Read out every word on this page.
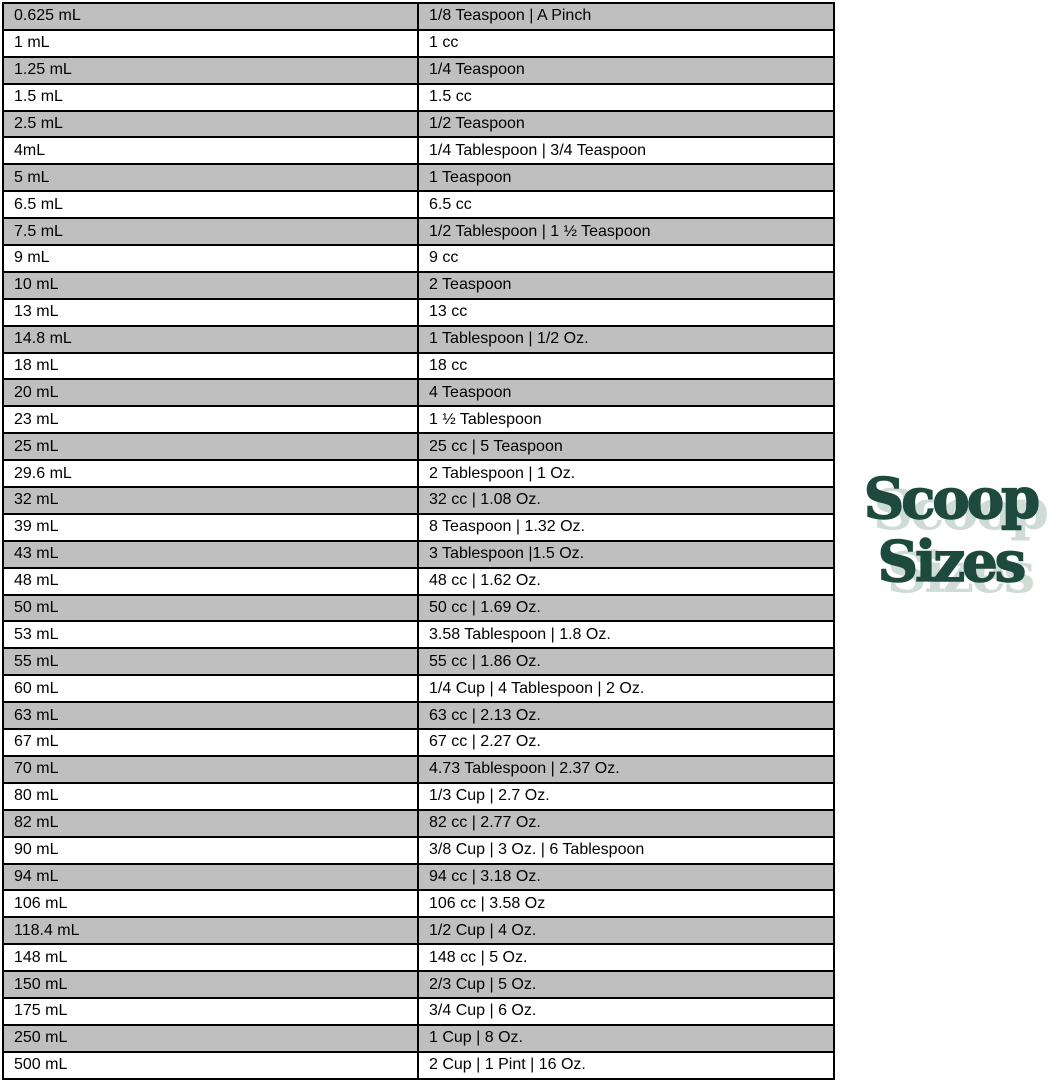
0.625 mL	1/8 Teaspoon | A Pinch
1 mL	1 cc
1.25 mL	1/4 Teaspoon
1.5 mL	1.5 cc
2.5 mL	1/2 Teaspoon
4mL	1/4 Tablespoon | 3/4 Teaspoon
5 mL	1 Teaspoon
6.5 mL	6.5 cc
7.5 mL	1/2 Tablespoon | 1 ½ Teaspoon
9 mL	9 cc
10 mL	2 Teaspoon
13 mL	13 cc
14.8 mL	1 Tablespoon | 1/2 Oz.
18 mL	18 cc
20 mL	4 Teaspoon
23 mL	1 ½ Tablespoon
25 mL	25 cc | 5 Teaspoon
29.6 mL	2 Tablespoon | 1 Oz.
32 mL	32 cc | 1.08 Oz.
39 mL	8 Teaspoon | 1.32 Oz.
43 mL	3 Tablespoon |1.5 Oz.
48 mL	48 cc | 1.62 Oz.
50 mL	50 cc | 1.69 Oz.
53 mL	3.58 Tablespoon | 1.8 Oz.
55 mL	55 cc | 1.86 Oz.
60 mL	1/4 Cup | 4 Tablespoon | 2 Oz.
63 mL	63 cc | 2.13 Oz.
67 mL	67 cc | 2.27 Oz.
70 mL	4.73 Tablespoon | 2.37 Oz.
80 mL	1/3 Cup | 2.7 Oz.
82 mL	82 cc | 2.77 Oz.
90 mL	3/8 Cup | 3 Oz. | 6 Tablespoon
94 mL	94 cc | 3.18 Oz.
106 mL	106 cc | 3.58 Oz
118.4 mL	1/2 Cup | 4 Oz.
148 mL	148 cc | 5 Oz.
150 mL	2/3 Cup | 5 Oz.
175 mL	3/4 Cup | 6 Oz.
250 mL	1 Cup | 8 Oz.
500 mL	2 Cup | 1 Pint | 16 Oz.
Scoop
Sizes
